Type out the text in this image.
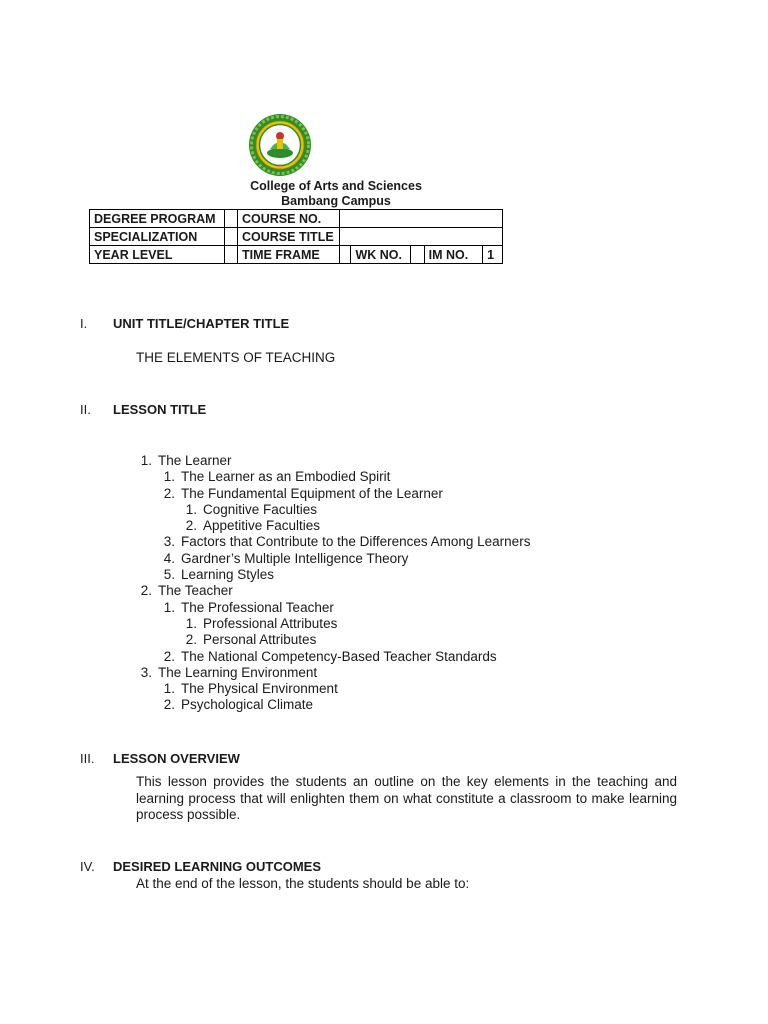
College of Arts and Sciences
Bambang Campus
DEGREE PROGRAM		COURSE NO.					
SPECIALIZATION		COURSE TITLE					
YEAR LEVEL		TIME FRAME		WK NO.		IM NO.	1
I.	UNIT TITLE/CHAPTER TITLE
THE ELEMENTS OF TEACHING
II.	LESSON TITLE
1. The Learner
1. The Learner as an Embodied Spirit
2. The Fundamental Equipment of the Learner
1. Cognitive Faculties
2. Appetitive Faculties
3. Factors that Contribute to the Differences Among Learners
4. Gardner’s Multiple Intelligence Theory
5. Learning Styles
2. The Teacher
1. The Professional Teacher
1. Professional Attributes
2. Personal Attributes
2. The National Competency-Based Teacher Standards
3. The Learning Environment
1. The Physical Environment
2. Psychological Climate
III.	LESSON OVERVIEW
This lesson provides the students an outline on the key elements in the teaching and learning process that will enlighten them on what constitute a classroom to make learning process possible.
IV.	DESIRED LEARNING OUTCOMES
At the end of the lesson, the students should be able to:
